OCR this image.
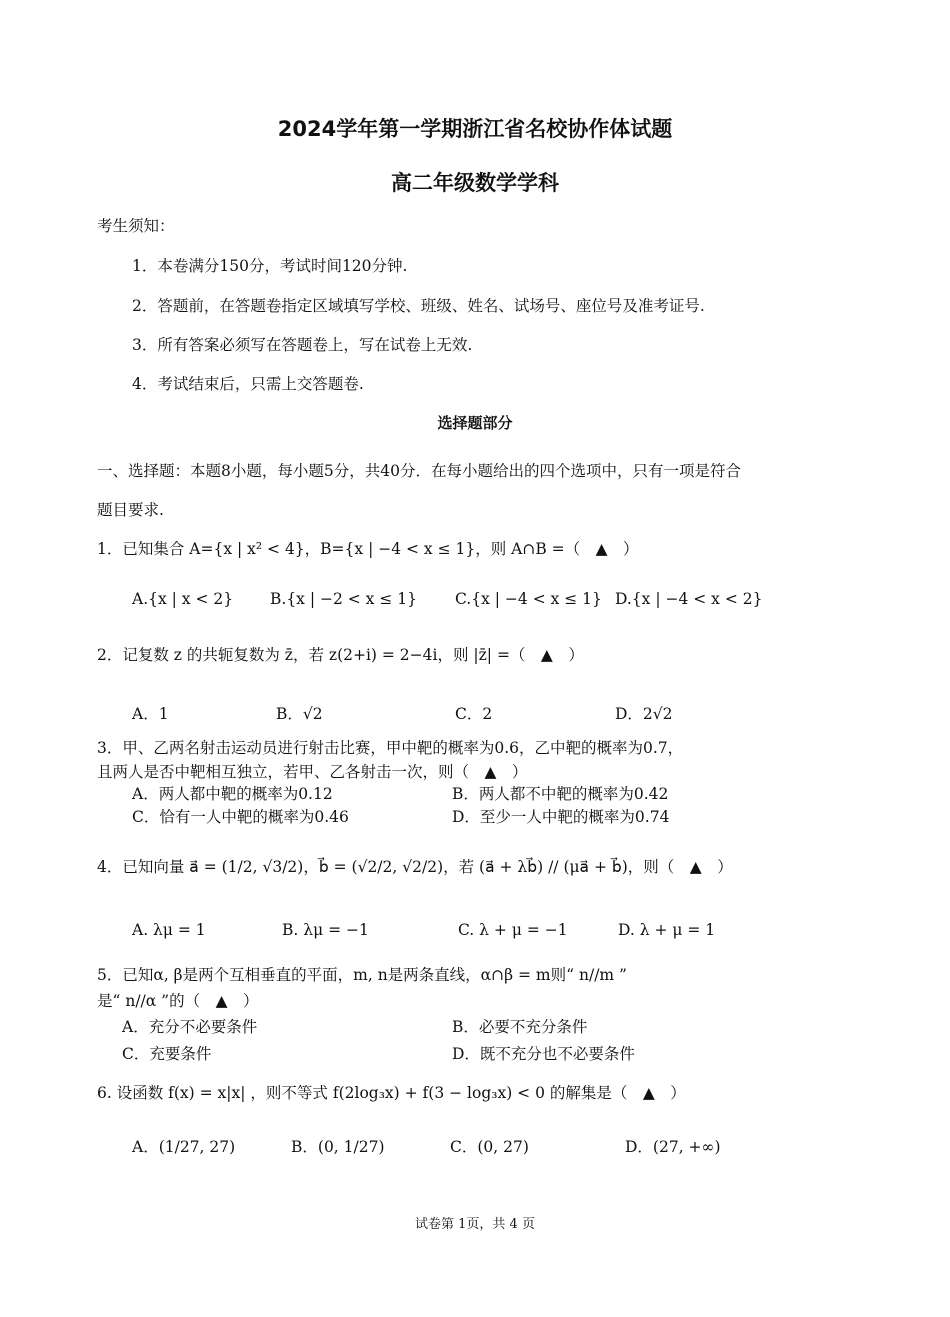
2024学年第一学期浙江省名校协作体试题
高二年级数学学科
考生须知：
1．本卷满分150分，考试时间120分钟.
2．答题前，在答题卷指定区域填写学校、班级、姓名、试场号、座位号及准考证号.
3．所有答案必须写在答题卷上，写在试卷上无效.
4．考试结束后，只需上交答题卷.
选择题部分
一、选择题：本题8小题，每小题5分，共40分．在每小题给出的四个选项中，只有一项是符合
题目要求.
1．已知集合 A={x | x² < 4}，B={x | −4 < x ≤ 1}，则 A∩B =（　▲　）
A.{x | x < 2} B.{x | −2 < x ≤ 1} C.{x | −4 < x ≤ 1} D.{x | −4 < x < 2}
2．记复数 z 的共轭复数为 z̄，若 z(2+i) = 2−4i，则 |z̄| =（　▲　）
A．1	B．√2	C．2	D．2√2
3．甲、乙两名射击运动员进行射击比赛，甲中靶的概率为0.6，乙中靶的概率为0.7，
且两人是否中靶相互独立，若甲、乙各射击一次，则（　▲　）
A．两人都中靶的概率为0.12	B．两人都不中靶的概率为0.42
C．恰有一人中靶的概率为0.46	D．至少一人中靶的概率为0.74
4．已知向量 a⃗ = (1/2, √3/2)，b⃗ = (√2/2, √2/2)，若 (a⃗ + λb⃗) // (μa⃗ + b⃗)，则（　▲　）
A. λμ = 1	B. λμ = −1	C. λ + μ = −1	D. λ + μ = 1
5．已知α, β是两个互相垂直的平面，m, n是两条直线，α∩β = m则“ n//m ”
是“ n//α ”的（　▲　）
A．充分不必要条件	B．必要不充分条件
C．充要条件	D．既不充分也不必要条件
6. 设函数 f(x) = x|x| ，则不等式 f(2log₃x) + f(3 − log₃x) < 0 的解集是（　▲　）
A．(1/27, 27)	B．(0, 1/27)	C．(0, 27)	D．(27, +∞)
试卷第 1页，共 4 页
